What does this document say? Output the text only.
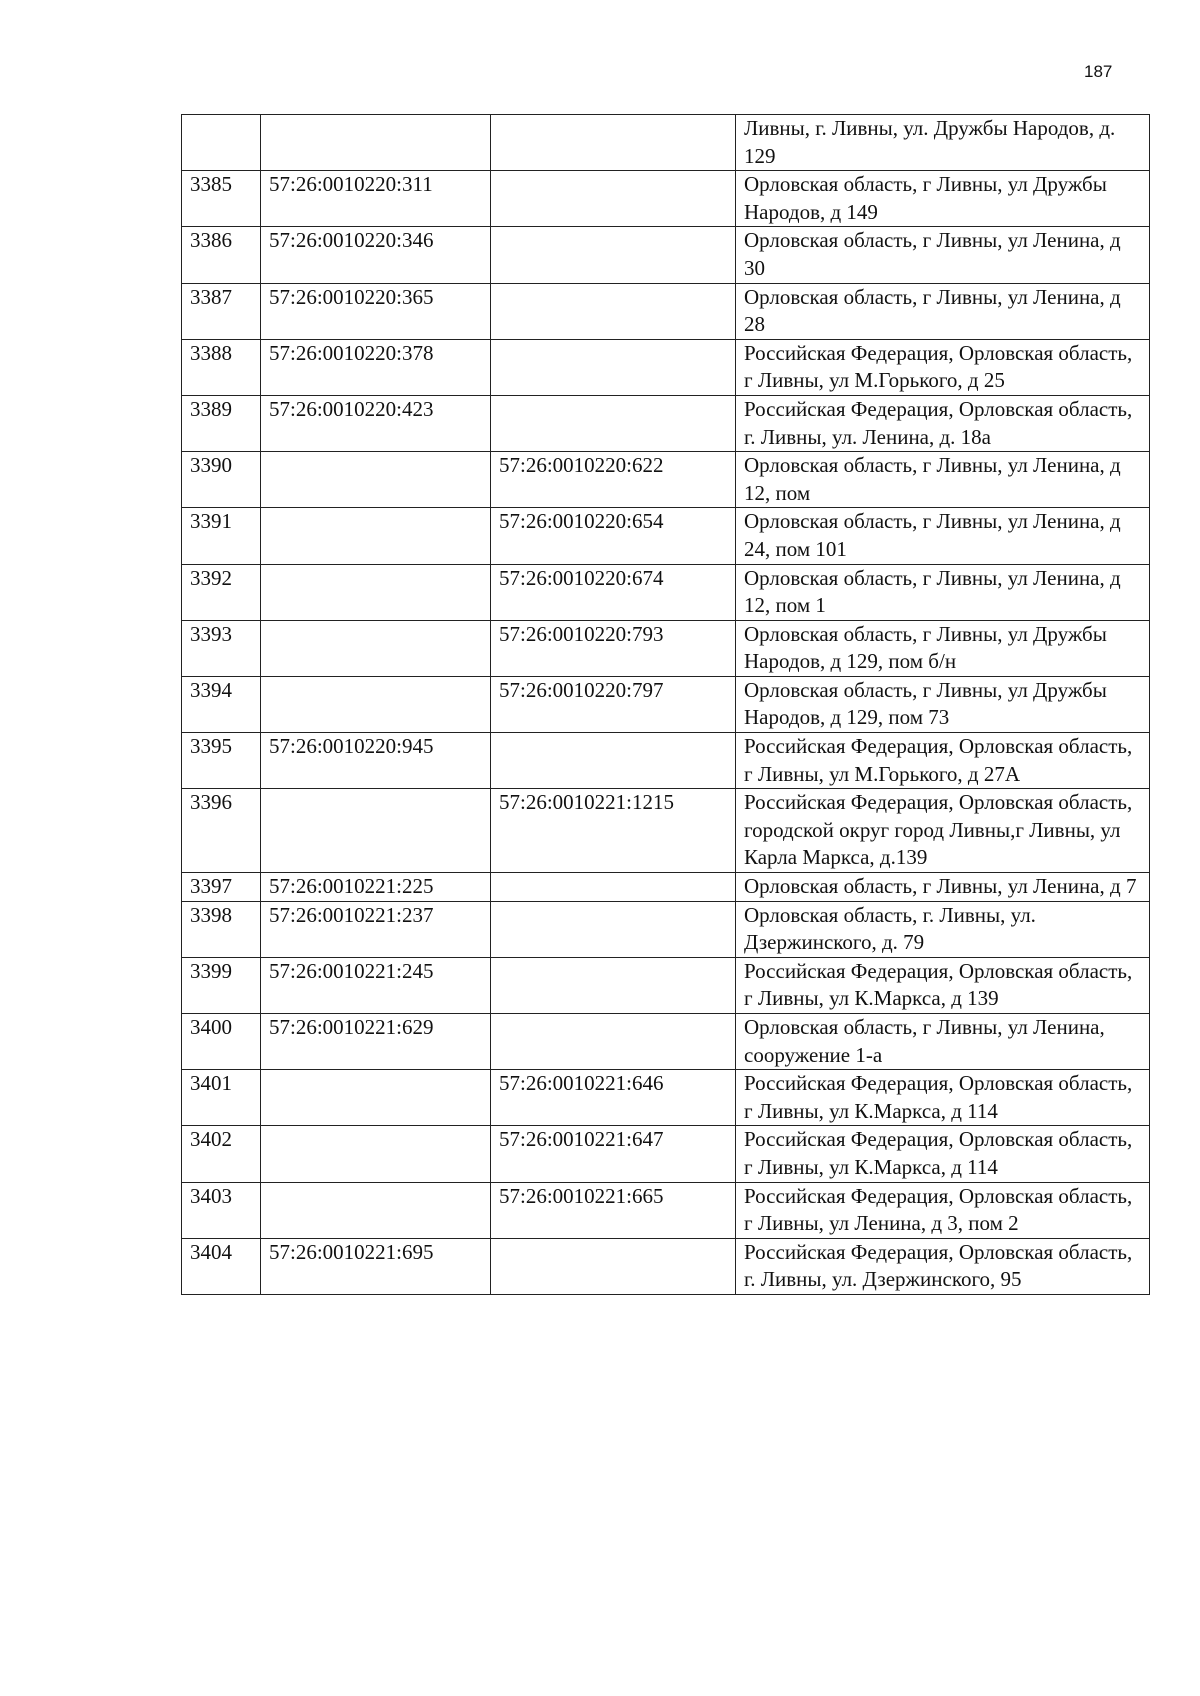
187
			Ливны, г. Ливны, ул. Дружбы Народов, д. 129
3385	57:26:0010220:311		Орловская область, г Ливны, ул Дружбы Народов, д 149
3386	57:26:0010220:346		Орловская область, г Ливны, ул Ленина, д 30
3387	57:26:0010220:365		Орловская область, г Ливны, ул Ленина, д 28
3388	57:26:0010220:378		Российская Федерация, Орловская область, г Ливны, ул М.Горького, д 25
3389	57:26:0010220:423		Российская Федерация, Орловская область, г. Ливны, ул. Ленина, д. 18а
3390		57:26:0010220:622	Орловская область, г Ливны, ул Ленина, д 12, пом
3391		57:26:0010220:654	Орловская область, г Ливны, ул Ленина, д 24, пом 101
3392		57:26:0010220:674	Орловская область, г Ливны, ул Ленина, д 12, пом 1
3393		57:26:0010220:793	Орловская область, г Ливны, ул Дружбы Народов, д 129, пом б/н
3394		57:26:0010220:797	Орловская область, г Ливны, ул Дружбы Народов, д 129, пом 73
3395	57:26:0010220:945		Российская Федерация, Орловская область, г Ливны, ул М.Горького, д 27А
3396		57:26:0010221:1215	Российская Федерация, Орловская область, городской округ город Ливны,г Ливны, ул Карла Маркса, д.139
3397	57:26:0010221:225		Орловская область, г Ливны, ул Ленина, д 7
3398	57:26:0010221:237		Орловская область, г. Ливны, ул. Дзержинского, д. 79
3399	57:26:0010221:245		Российская Федерация, Орловская область, г Ливны, ул К.Маркса, д 139
3400	57:26:0010221:629		Орловская область, г Ливны, ул Ленина, сооружение 1-а
3401		57:26:0010221:646	Российская Федерация, Орловская область, г Ливны, ул К.Маркса, д 114
3402		57:26:0010221:647	Российская Федерация, Орловская область, г Ливны, ул К.Маркса, д 114
3403		57:26:0010221:665	Российская Федерация, Орловская область, г Ливны, ул Ленина, д 3, пом 2
3404	57:26:0010221:695		Российская Федерация, Орловская область, г. Ливны, ул. Дзержинского, 95
